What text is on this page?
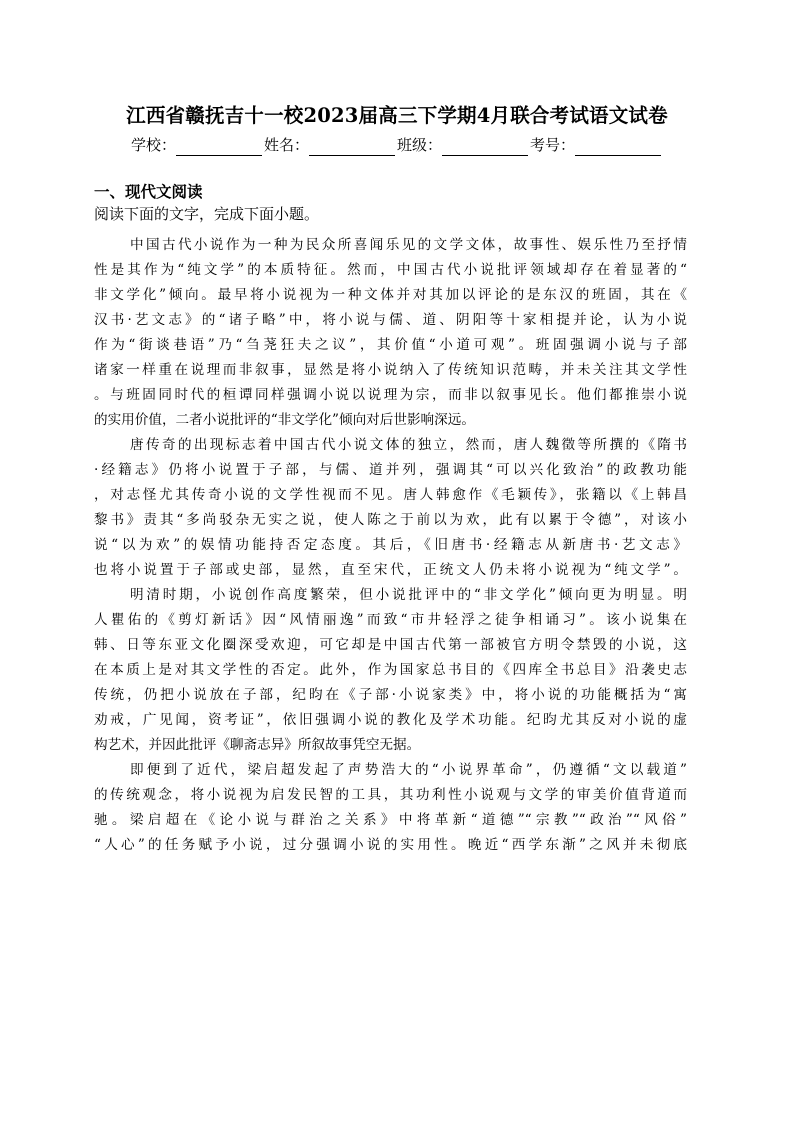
江西省赣抚吉十一校2023届高三下学期4月联合考试语文试卷
学校：	姓名：	班级：	考号：
一、现代文阅读
阅读下面的文字，完成下面小题。
中国古代小说作为一种为民众所喜闻乐见的文学文体，故事性、娱乐性乃至抒情
性是其作为“纯文学”的本质特征。然而，中国古代小说批评领域却存在着显著的“
非文学化”倾向。最早将小说视为一种文体并对其加以评论的是东汉的班固，其在《
汉书·艺文志》的“诸子略”中，将小说与儒、道、阴阳等十家相提并论，认为小说
作为“街谈巷语”乃“刍荛狂夫之议”，其价值“小道可观”。班固强调小说与子部
诸家一样重在说理而非叙事，显然是将小说纳入了传统知识范畴，并未关注其文学性
。与班固同时代的桓谭同样强调小说以说理为宗，而非以叙事见长。他们都推崇小说
的实用价值，二者小说批评的“非文学化”倾向对后世影响深远。
唐传奇的出现标志着中国古代小说文体的独立，然而，唐人魏徵等所撰的《隋书
·经籍志》仍将小说置于子部，与儒、道并列，强调其“可以兴化致治”的政教功能
，对志怪尤其传奇小说的文学性视而不见。唐人韩愈作《毛颖传》，张籍以《上韩昌
黎书》责其“多尚驳杂无实之说，使人陈之于前以为欢，此有以累于令德”，对该小
说“以为欢”的娱情功能持否定态度。其后，《旧唐书·经籍志从新唐书·艺文志》
也将小说置于子部或史部，显然，直至宋代，正统文人仍未将小说视为“纯文学”。
明清时期，小说创作高度繁荣，但小说批评中的“非文学化”倾向更为明显。明
人瞿佑的《剪灯新话》因“风情丽逸”而致“市井轻浮之徒争相诵习”。该小说集在
韩、日等东亚文化圈深受欢迎，可它却是中国古代第一部被官方明令禁毁的小说，这
在本质上是对其文学性的否定。此外，作为国家总书目的《四库全书总目》沿袭史志
传统，仍把小说放在子部，纪昀在《子部·小说家类》中，将小说的功能概括为“寓
劝戒，广见闻，资考证”，依旧强调小说的教化及学术功能。纪昀尤其反对小说的虚
构艺术，并因此批评《聊斋志异》所叙故事凭空无据。
即便到了近代，梁启超发起了声势浩大的“小说界革命”，仍遵循“文以载道”
的传统观念，将小说视为启发民智的工具，其功利性小说观与文学的审美价值背道而
驰。梁启超在《论小说与群治之关系》中将革新“道德”“宗教”“政治”“风俗”
“人心”的任务赋予小说，过分强调小说的实用性。晚近“西学东渐”之风并未彻底
